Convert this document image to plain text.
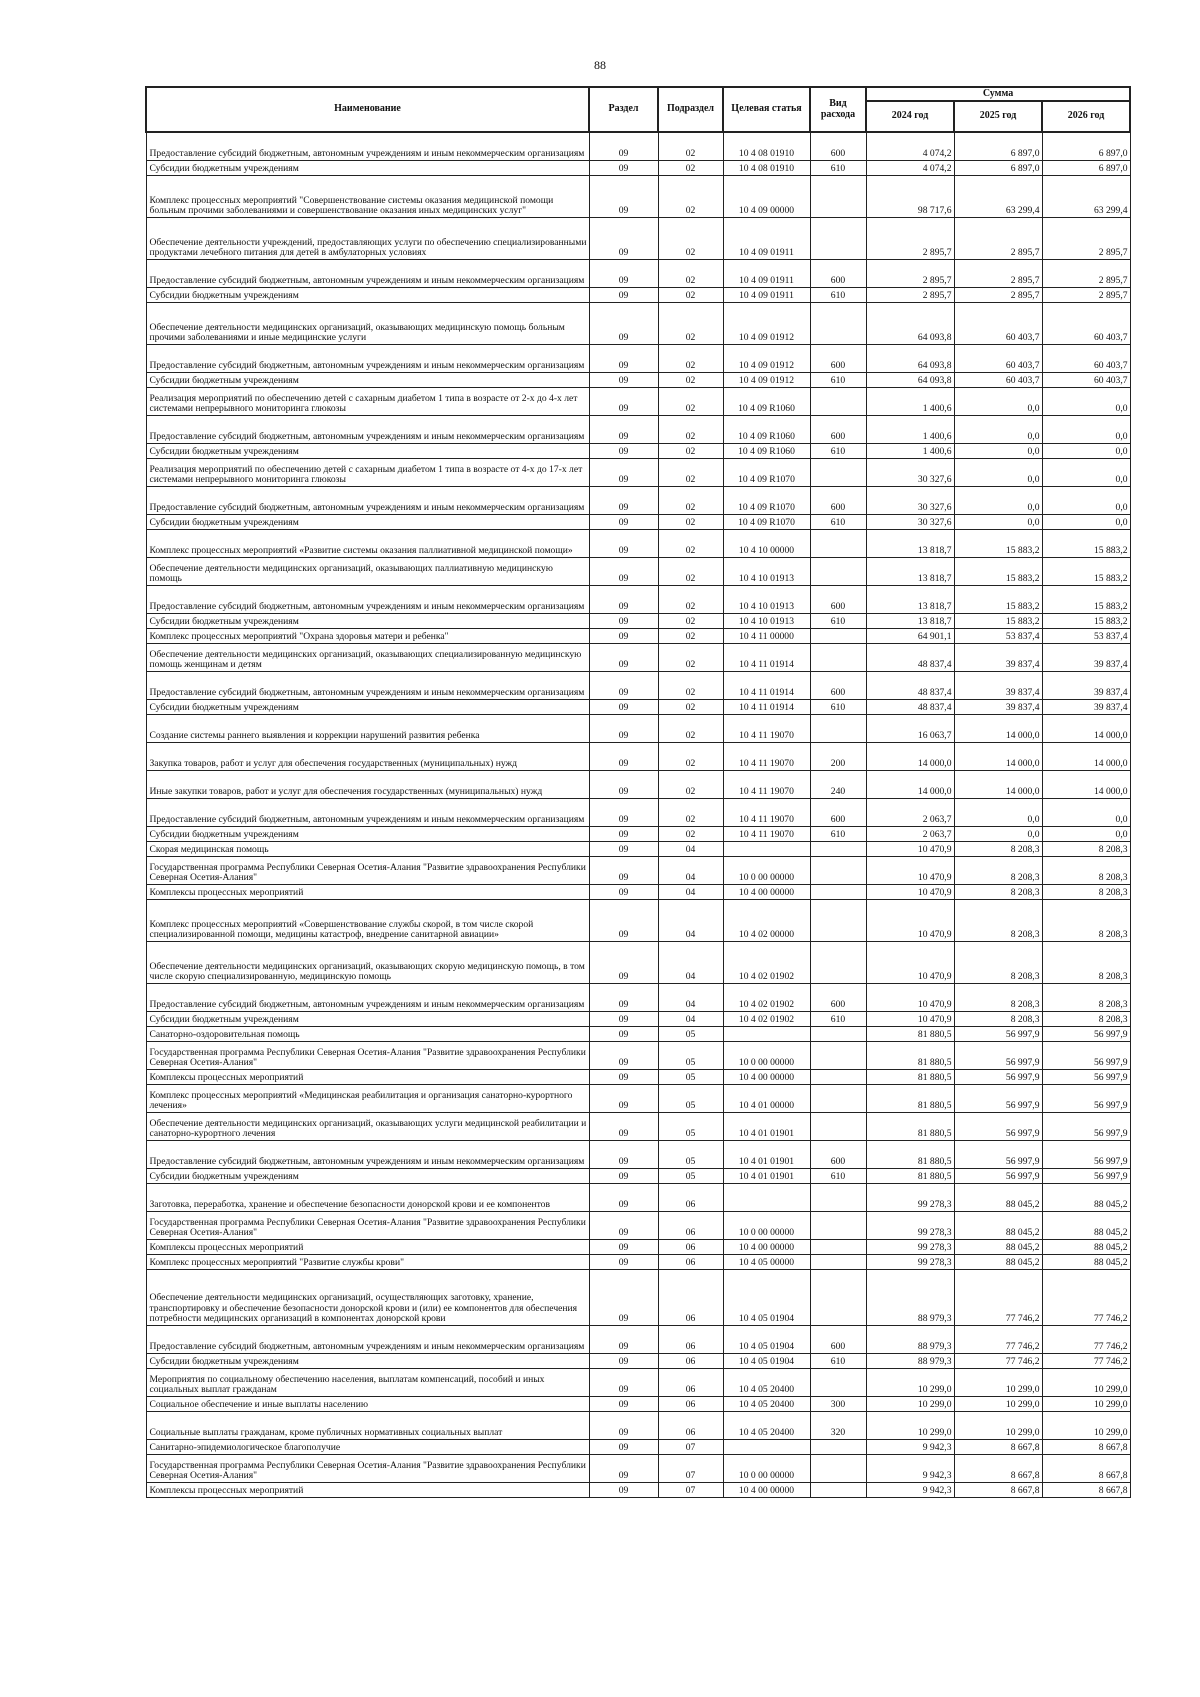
88
Наименование	Раздел	Подраздел	Целевая статья	Вид расхода	Сумма		
					2024 год	2025 год	2026 год
Предоставление субсидий бюджетным, автономным учреждениям и иным некоммерческим организациям	09	02	10 4 08 01910	600	4 074,2	6 897,0	6 897,0
Субсидии бюджетным учреждениям	09	02	10 4 08 01910	610	4 074,2	6 897,0	6 897,0
Комплекс процессных мероприятий "Совершенствование системы оказания медицинской помощи больным прочими заболеваниями и совершенствование оказания иных медицинских услуг"	09	02	10 4 09 00000		98 717,6	63 299,4	63 299,4
Обеспечение деятельности учреждений, предоставляющих услуги по обеспечению специализированными продуктами лечебного питания для детей в амбулаторных условиях	09	02	10 4 09 01911		2 895,7	2 895,7	2 895,7
Предоставление субсидий бюджетным, автономным учреждениям и иным некоммерческим организациям	09	02	10 4 09 01911	600	2 895,7	2 895,7	2 895,7
Субсидии бюджетным учреждениям	09	02	10 4 09 01911	610	2 895,7	2 895,7	2 895,7
Обеспечение деятельности медицинских организаций, оказывающих медицинскую помощь больным прочими заболеваниями и иные медицинские услуги	09	02	10 4 09 01912		64 093,8	60 403,7	60 403,7
Предоставление субсидий бюджетным, автономным учреждениям и иным некоммерческим организациям	09	02	10 4 09 01912	600	64 093,8	60 403,7	60 403,7
Субсидии бюджетным учреждениям	09	02	10 4 09 01912	610	64 093,8	60 403,7	60 403,7
Реализация мероприятий по обеспечению детей с сахарным диабетом 1 типа в возрасте от 2-х до 4-х лет системами непрерывного мониторинга глюкозы	09	02	10 4 09 R1060		1 400,6	0,0	0,0
Предоставление субсидий бюджетным, автономным учреждениям и иным некоммерческим организациям	09	02	10 4 09 R1060	600	1 400,6	0,0	0,0
Субсидии бюджетным учреждениям	09	02	10 4 09 R1060	610	1 400,6	0,0	0,0
Реализация мероприятий по обеспечению детей с сахарным диабетом 1 типа в возрасте от 4-х до 17-х лет системами непрерывного мониторинга глюкозы	09	02	10 4 09 R1070		30 327,6	0,0	0,0
Предоставление субсидий бюджетным, автономным учреждениям и иным некоммерческим организациям	09	02	10 4 09 R1070	600	30 327,6	0,0	0,0
Субсидии бюджетным учреждениям	09	02	10 4 09 R1070	610	30 327,6	0,0	0,0
Комплекс процессных мероприятий «Развитие системы оказания паллиативной медицинской помощи»	09	02	10 4 10 00000		13 818,7	15 883,2	15 883,2
Обеспечение деятельности медицинских организаций, оказывающих паллиативную медицинскую помощь	09	02	10 4 10 01913		13 818,7	15 883,2	15 883,2
Предоставление субсидий бюджетным, автономным учреждениям и иным некоммерческим организациям	09	02	10 4 10 01913	600	13 818,7	15 883,2	15 883,2
Субсидии бюджетным учреждениям	09	02	10 4 10 01913	610	13 818,7	15 883,2	15 883,2
Комплекс процессных мероприятий "Охрана здоровья матери и ребенка"	09	02	10 4 11 00000		64 901,1	53 837,4	53 837,4
Обеспечение деятельности медицинских организаций, оказывающих специализированную медицинскую помощь женщинам и детям	09	02	10 4 11 01914		48 837,4	39 837,4	39 837,4
Предоставление субсидий бюджетным, автономным учреждениям и иным некоммерческим организациям	09	02	10 4 11 01914	600	48 837,4	39 837,4	39 837,4
Субсидии бюджетным учреждениям	09	02	10 4 11 01914	610	48 837,4	39 837,4	39 837,4
Создание системы раннего выявления и коррекции нарушений развития ребенка	09	02	10 4 11 19070		16 063,7	14 000,0	14 000,0
Закупка товаров, работ и услуг для обеспечения государственных (муниципальных) нужд	09	02	10 4 11 19070	200	14 000,0	14 000,0	14 000,0
Иные закупки товаров, работ и услуг для обеспечения государственных (муниципальных) нужд	09	02	10 4 11 19070	240	14 000,0	14 000,0	14 000,0
Предоставление субсидий бюджетным, автономным учреждениям и иным некоммерческим организациям	09	02	10 4 11 19070	600	2 063,7	0,0	0,0
Субсидии бюджетным учреждениям	09	02	10 4 11 19070	610	2 063,7	0,0	0,0
Скорая медицинская помощь	09	04			10 470,9	8 208,3	8 208,3
Государственная программа Республики Северная Осетия-Алания "Развитие здравоохранения Республики Северная Осетия-Алания"	09	04	10 0 00 00000		10 470,9	8 208,3	8 208,3
Комплексы процессных мероприятий	09	04	10 4 00 00000		10 470,9	8 208,3	8 208,3
Комплекс процессных мероприятий «Совершенствование службы скорой, в том числе скорой специализированной помощи, медицины катастроф, внедрение санитарной авиации»	09	04	10 4 02 00000		10 470,9	8 208,3	8 208,3
Обеспечение деятельности медицинских организаций, оказывающих скорую медицинскую помощь, в том числе скорую специализированную, медицинскую помощь	09	04	10 4 02 01902		10 470,9	8 208,3	8 208,3
Предоставление субсидий бюджетным, автономным учреждениям и иным некоммерческим организациям	09	04	10 4 02 01902	600	10 470,9	8 208,3	8 208,3
Субсидии бюджетным учреждениям	09	04	10 4 02 01902	610	10 470,9	8 208,3	8 208,3
Санаторно-оздоровительная помощь	09	05			81 880,5	56 997,9	56 997,9
Государственная программа Республики Северная Осетия-Алания "Развитие здравоохранения Республики Северная Осетия-Алания"	09	05	10 0 00 00000		81 880,5	56 997,9	56 997,9
Комплексы процессных мероприятий	09	05	10 4 00 00000		81 880,5	56 997,9	56 997,9
Комплекс процессных мероприятий «Медицинская реабилитация и организация санаторно-курортного лечения»	09	05	10 4 01 00000		81 880,5	56 997,9	56 997,9
Обеспечение деятельности медицинских организаций, оказывающих услуги медицинской реабилитации и санаторно-курортного лечения	09	05	10 4 01 01901		81 880,5	56 997,9	56 997,9
Предоставление субсидий бюджетным, автономным учреждениям и иным некоммерческим организациям	09	05	10 4 01 01901	600	81 880,5	56 997,9	56 997,9
Субсидии бюджетным учреждениям	09	05	10 4 01 01901	610	81 880,5	56 997,9	56 997,9
Заготовка, переработка, хранение и обеспечение безопасности донорской крови и ее компонентов	09	06			99 278,3	88 045,2	88 045,2
Государственная программа Республики Северная Осетия-Алания "Развитие здравоохранения Республики Северная Осетия-Алания"	09	06	10 0 00 00000		99 278,3	88 045,2	88 045,2
Комплексы процессных мероприятий	09	06	10 4 00 00000		99 278,3	88 045,2	88 045,2
Комплекс процессных мероприятий "Развитие службы крови"	09	06	10 4 05 00000		99 278,3	88 045,2	88 045,2
Обеспечение деятельности медицинских организаций, осуществляющих заготовку, хранение, транспортировку и обеспечение безопасности донорской крови и (или) ее компонентов для обеспечения потребности медицинских организаций в компонентах донорской крови	09	06	10 4 05 01904		88 979,3	77 746,2	77 746,2
Предоставление субсидий бюджетным, автономным учреждениям и иным некоммерческим организациям	09	06	10 4 05 01904	600	88 979,3	77 746,2	77 746,2
Субсидии бюджетным учреждениям	09	06	10 4 05 01904	610	88 979,3	77 746,2	77 746,2
Мероприятия по социальному обеспечению населения, выплатам компенсаций, пособий и иных социальных выплат гражданам	09	06	10 4 05 20400		10 299,0	10 299,0	10 299,0
Социальное обеспечение и иные выплаты населению	09	06	10 4 05 20400	300	10 299,0	10 299,0	10 299,0
Социальные выплаты гражданам, кроме публичных нормативных социальных выплат	09	06	10 4 05 20400	320	10 299,0	10 299,0	10 299,0
Санитарно-эпидемиологическое благополучие	09	07			9 942,3	8 667,8	8 667,8
Государственная программа Республики Северная Осетия-Алания "Развитие здравоохранения Республики Северная Осетия-Алания"	09	07	10 0 00 00000		9 942,3	8 667,8	8 667,8
Комплексы процессных мероприятий	09	07	10 4 00 00000		9 942,3	8 667,8	8 667,8
